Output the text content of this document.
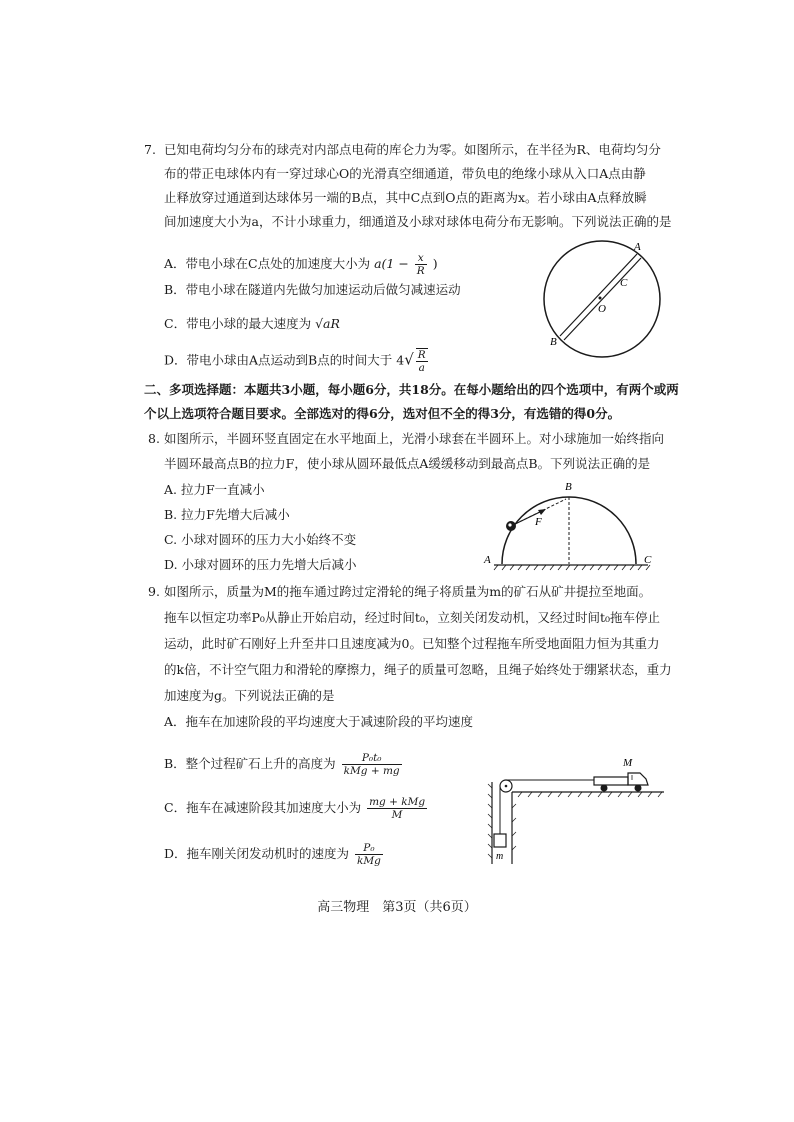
7. 已知电荷均匀分布的球壳对内部点电荷的库仑力为零。如图所示，在半径为R、电荷均匀分
布的带正电球体内有一穿过球心O的光滑真空细通道，带负电的绝缘小球从入口A点由静
止释放穿过通道到达球体另一端的B点，其中C点到O点的距离为x。若小球由A点释放瞬
间加速度大小为a，不计小球重力，细通道及小球对球体电荷分布无影响。下列说法正确的是
A．带电小球在C点处的加速度大小为 $a(1 - \frac{x}{R}$ )
B．带电小球在隧道内先做匀加速运动后做匀减速运动
C．带电小球的最大速度为 √aR
D．带电小球由A点运动到B点的时间大于 $4√ \frac{R}{a}$
A
C
O
B
二、多项选择题：本题共3小题，每小题6分，共18分。在每小题给出的四个选项中，有两个或两
个以上选项符合题目要求。全部选对的得6分，选对但不全的得3分，有选错的得0分。
8. 如图所示，半圆环竖直固定在水平地面上，光滑小球套在半圆环上。对小球施加一始终指向
半圆环最高点B的拉力F，使小球从圆环最低点A缓缓移动到最高点B。下列说法正确的是
A. 拉力F一直减小
B. 拉力F先增大后减小
C. 小球对圆环的压力大小始终不变
D. 小球对圆环的压力先增大后减小
B
F
A	C
9. 如图所示，质量为M的拖车通过跨过定滑轮的绳子将质量为m的矿石从矿井提拉至地面。
拖车以恒定功率P₀从静止开始启动，经过时间t₀，立刻关闭发动机，又经过时间t₀拖车停止
运动，此时矿石刚好上升至井口且速度减为0。已知整个过程拖车所受地面阻力恒为其重力
的k倍，不计空气阻力和滑轮的摩擦力，绳子的质量可忽略，且绳子始终处于绷紧状态，重力
加速度为g。下列说法正确的是
A．拖车在加速阶段的平均速度大于减速阶段的平均速度
B．整个过程矿石上升的高度为 $\frac{\text{P₀t₀}}{\text{kMg + mg}}$
C．拖车在减速阶段其加速度大小为 $\frac{\text{mg + kMg}}{M}$
D．拖车刚关闭发动机时的速度为 $\frac{\text{P₀}}{\text{kMg}}$	m
M
高三物理　第3页（共6页）
